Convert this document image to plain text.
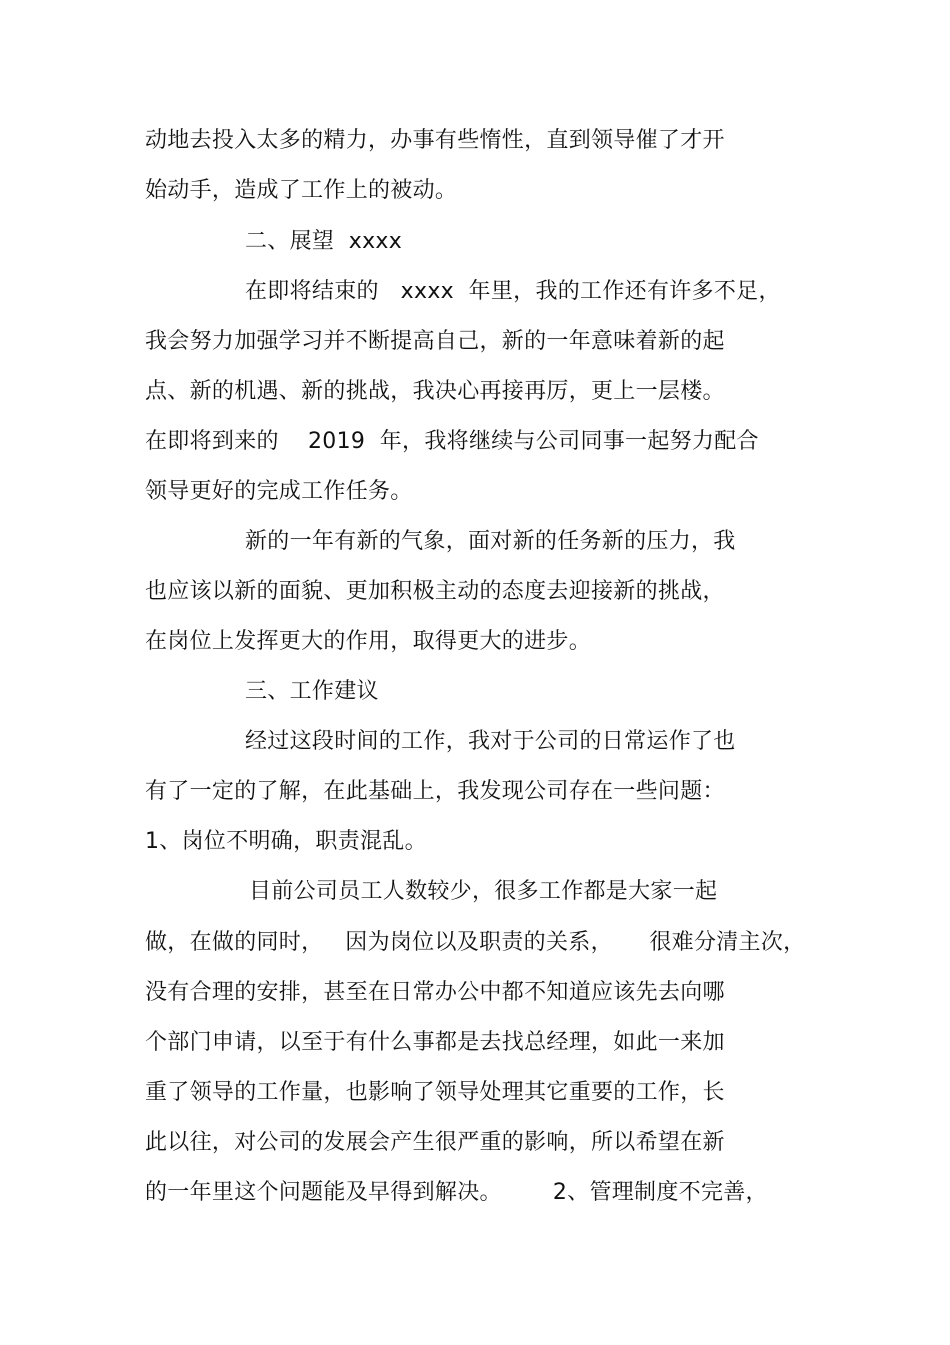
动地去投入太多的精力，办事有些惰性，直到领导催了才开
始动手，造成了工作上的被动。
二、展望  xxxx
在即将结束的   xxxx  年里，我的工作还有许多不足，
我会努力加强学习并不断提高自己，新的一年意味着新的起
点、新的机遇、新的挑战，我决心再接再厉，更上一层楼。
在即将到来的    2019  年，我将继续与公司同事一起努力配合
领导更好的完成工作任务。
新的一年有新的气象，面对新的任务新的压力，我
也应该以新的面貌、更加积极主动的态度去迎接新的挑战，
在岗位上发挥更大的作用，取得更大的进步。
三、工作建议
经过这段时间的工作，我对于公司的日常运作了也
有了一定的了解，在此基础上，我发现公司存在一些问题：
1、岗位不明确，职责混乱。
目前公司员工人数较少，很多工作都是大家一起
做，在做的同时，   因为岗位以及职责的关系，     很难分清主次，
没有合理的安排，甚至在日常办公中都不知道应该先去向哪
个部门申请，以至于有什么事都是去找总经理，如此一来加
重了领导的工作量，也影响了领导处理其它重要的工作，长
此以往，对公司的发展会产生很严重的影响，所以希望在新
的一年里这个问题能及早得到解决。       2、管理制度不完善，
